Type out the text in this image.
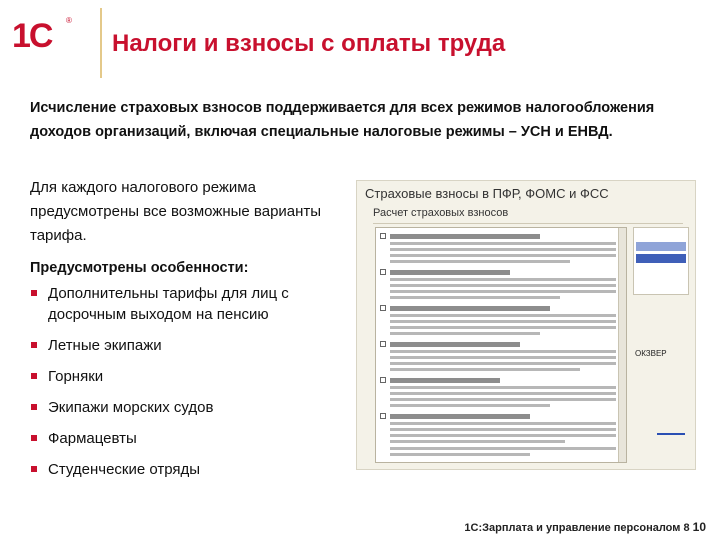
1С ®
Налоги и взносы с оплаты труда
Исчисление страховых взносов поддерживается для всех режимов налогообложения доходов организаций, включая специальные налоговые режимы – УСН и ЕНВД.
Для каждого налогового режима предусмотрены все возможные варианты тарифа.
Предусмотрены особенности:
Дополнительны тарифы для лиц с досрочным выходом на пенсию
Летные экипажи
Горняки
Экипажи морских судов
Фармацевты
Студенческие отряды
Страховые взносы в ПФР, ФОМС и ФСС
Расчет страховых взносов
ОКЗВЕР
1С:Зарплата и управление персоналом 8 10
